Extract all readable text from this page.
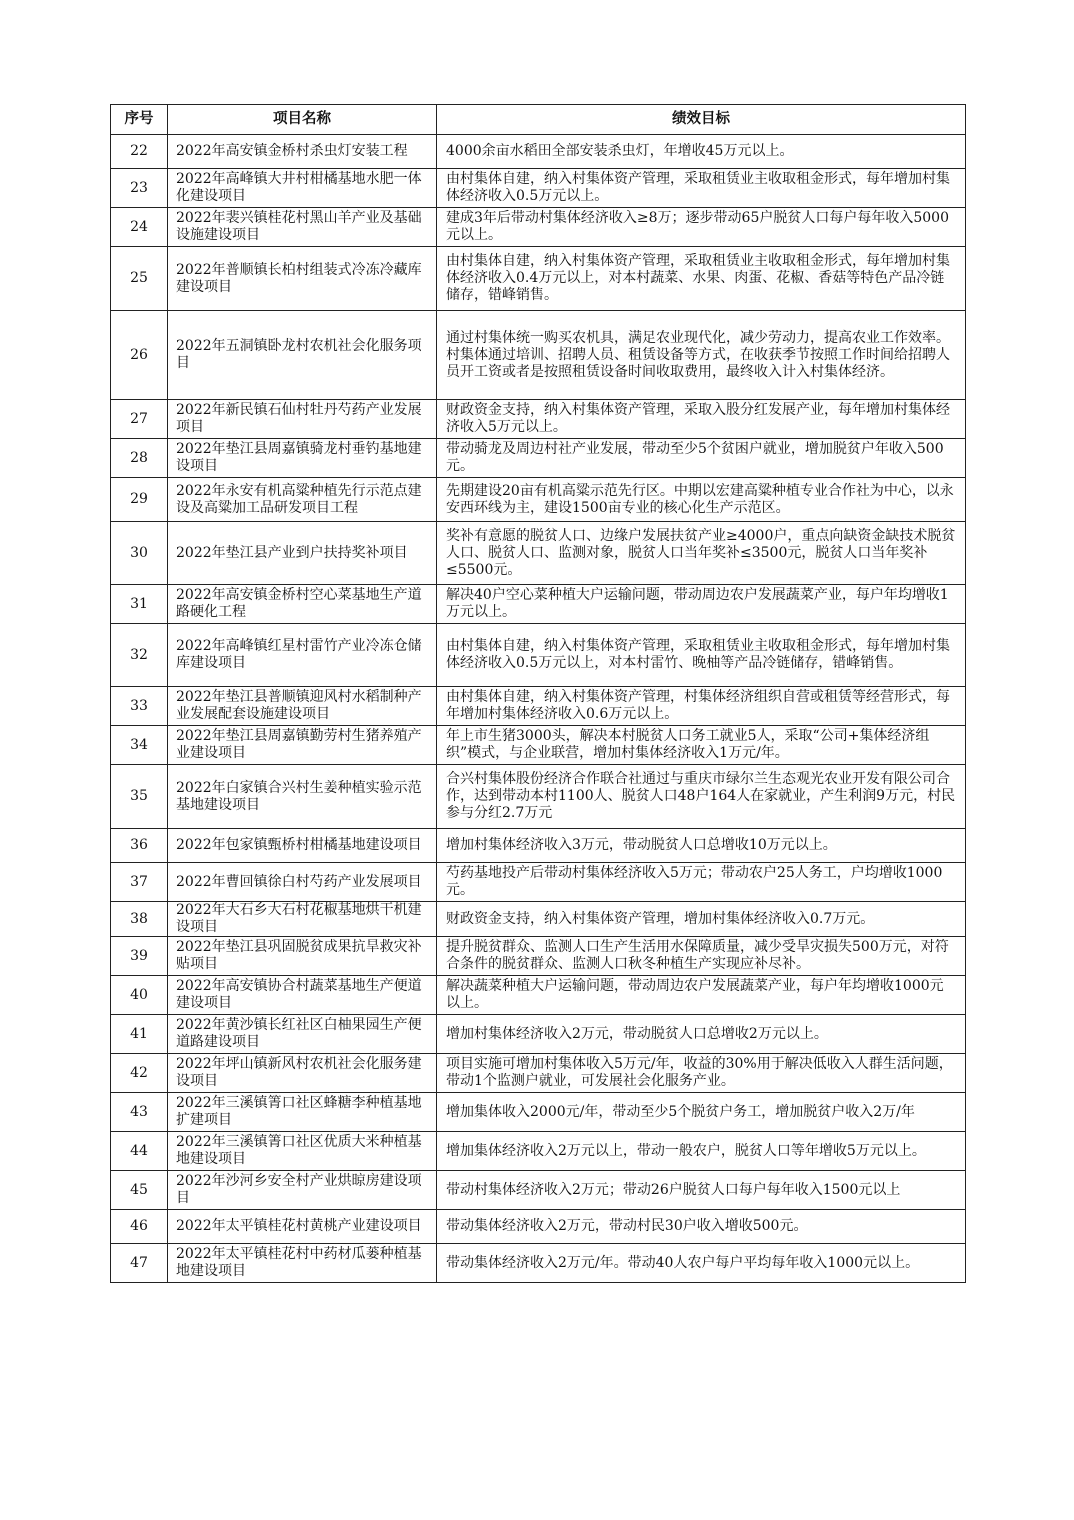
序号	项目名称	绩效目标
22	2022年高安镇金桥村杀虫灯安装工程	4000余亩水稻田全部安装杀虫灯，年增收45万元以上。
23	2022年高峰镇大井村柑橘基地水肥一体化建设项目	由村集体自建，纳入村集体资产管理，采取租赁业主收取租金形式，每年增加村集体经济收入0.5万元以上。
24	2022年裴兴镇桂花村黑山羊产业及基础设施建设项目	建成3年后带动村集体经济收入≥8万；逐步带动65户脱贫人口每户每年收入5000元以上。
25	2022年普顺镇长柏村组装式冷冻冷藏库建设项目	由村集体自建，纳入村集体资产管理，采取租赁业主收取租金形式，每年增加村集体经济收入0.4万元以上，对本村蔬菜、水果、肉蛋、花椒、香菇等特色产品冷链储存，错峰销售。
26	2022年五洞镇卧龙村农机社会化服务项目	通过村集体统一购买农机具，满足农业现代化，减少劳动力，提高农业工作效率。村集体通过培训、招聘人员、租赁设备等方式，在收获季节按照工作时间给招聘人员开工资或者是按照租赁设备时间收取费用，最终收入计入村集体经济。
27	2022年新民镇石仙村牡丹芍药产业发展项目	财政资金支持，纳入村集体资产管理，采取入股分红发展产业，每年增加村集体经济收入5万元以上。
28	2022年垫江县周嘉镇骑龙村垂钓基地建设项目	带动骑龙及周边村社产业发展，带动至少5个贫困户就业，增加脱贫户年收入500元。
29	2022年永安有机高粱种植先行示范点建设及高粱加工品研发项目工程	先期建设20亩有机高粱示范先行区。中期以宏建高粱种植专业合作社为中心，以永安西环线为主，建设1500亩专业的核心化生产示范区。
30	2022年垫江县产业到户扶持奖补项目	奖补有意愿的脱贫人口、边缘户发展扶贫产业≥4000户，重点向缺资金缺技术脱贫人口、脱贫人口、监测对象，脱贫人口当年奖补≤3500元，脱贫人口当年奖补≤5500元。
31	2022年高安镇金桥村空心菜基地生产道路硬化工程	解决40户空心菜种植大户运输问题，带动周边农户发展蔬菜产业，每户年均增收1万元以上。
32	2022年高峰镇红星村雷竹产业冷冻仓储库建设项目	由村集体自建，纳入村集体资产管理，采取租赁业主收取租金形式，每年增加村集体经济收入0.5万元以上，对本村雷竹、晚柚等产品冷链储存，错峰销售。
33	2022年垫江县普顺镇迎风村水稻制种产业发展配套设施建设项目	由村集体自建，纳入村集体资产管理，村集体经济组织自营或租赁等经营形式，每年增加村集体经济收入0.6万元以上。
34	2022年垫江县周嘉镇勤劳村生猪养殖产业建设项目	年上市生猪3000头，解决本村脱贫人口务工就业5人，采取“公司+集体经济组织”模式，与企业联营，增加村集体经济收入1万元/年。
35	2022年白家镇合兴村生姜种植实验示范基地建设项目	合兴村集体股份经济合作联合社通过与重庆市绿尔兰生态观光农业开发有限公司合作，达到带动本村1100人、脱贫人口48户164人在家就业，产生利润9万元，村民参与分红2.7万元
36	2022年包家镇甄桥村柑橘基地建设项目	增加村集体经济收入3万元，带动脱贫人口总增收10万元以上。
37	2022年曹回镇徐白村芍药产业发展项目	芍药基地投产后带动村集体经济收入5万元；带动农户25人务工，户均增收1000元。
38	2022年大石乡大石村花椒基地烘干机建设项目	财政资金支持，纳入村集体资产管理，增加村集体经济收入0.7万元。
39	2022年垫江县巩固脱贫成果抗旱救灾补贴项目	提升脱贫群众、监测人口生产生活用水保障质量，减少受旱灾损失500万元，对符合条件的脱贫群众、监测人口秋冬种植生产实现应补尽补。
40	2022年高安镇协合村蔬菜基地生产便道建设项目	解决蔬菜种植大户运输问题，带动周边农户发展蔬菜产业，每户年均增收1000元以上。
41	2022年黄沙镇长红社区白柚果园生产便道路建设项目	增加村集体经济收入2万元，带动脱贫人口总增收2万元以上。
42	2022年坪山镇新风村农机社会化服务建设项目	项目实施可增加村集体收入5万元/年，收益的30%用于解决低收入人群生活问题，带动1个监测户就业，可发展社会化服务产业。
43	2022年三溪镇箐口社区蜂糖李种植基地扩建项目	增加集体收入2000元/年，带动至少5个脱贫户务工，增加脱贫户收入2万/年
44	2022年三溪镇箐口社区优质大米种植基地建设项目	增加集体经济收入2万元以上，带动一般农户，脱贫人口等年增收5万元以上。
45	2022年沙河乡安全村产业烘晾房建设项目	带动村集体经济收入2万元；带动26户脱贫人口每户每年收入1500元以上
46	2022年太平镇桂花村黄桃产业建设项目	带动集体经济收入2万元，带动村民30户收入增收500元。
47	2022年太平镇桂花村中药材瓜蒌种植基地建设项目	带动集体经济收入2万元/年。带动40人农户每户平均每年收入1000元以上。
